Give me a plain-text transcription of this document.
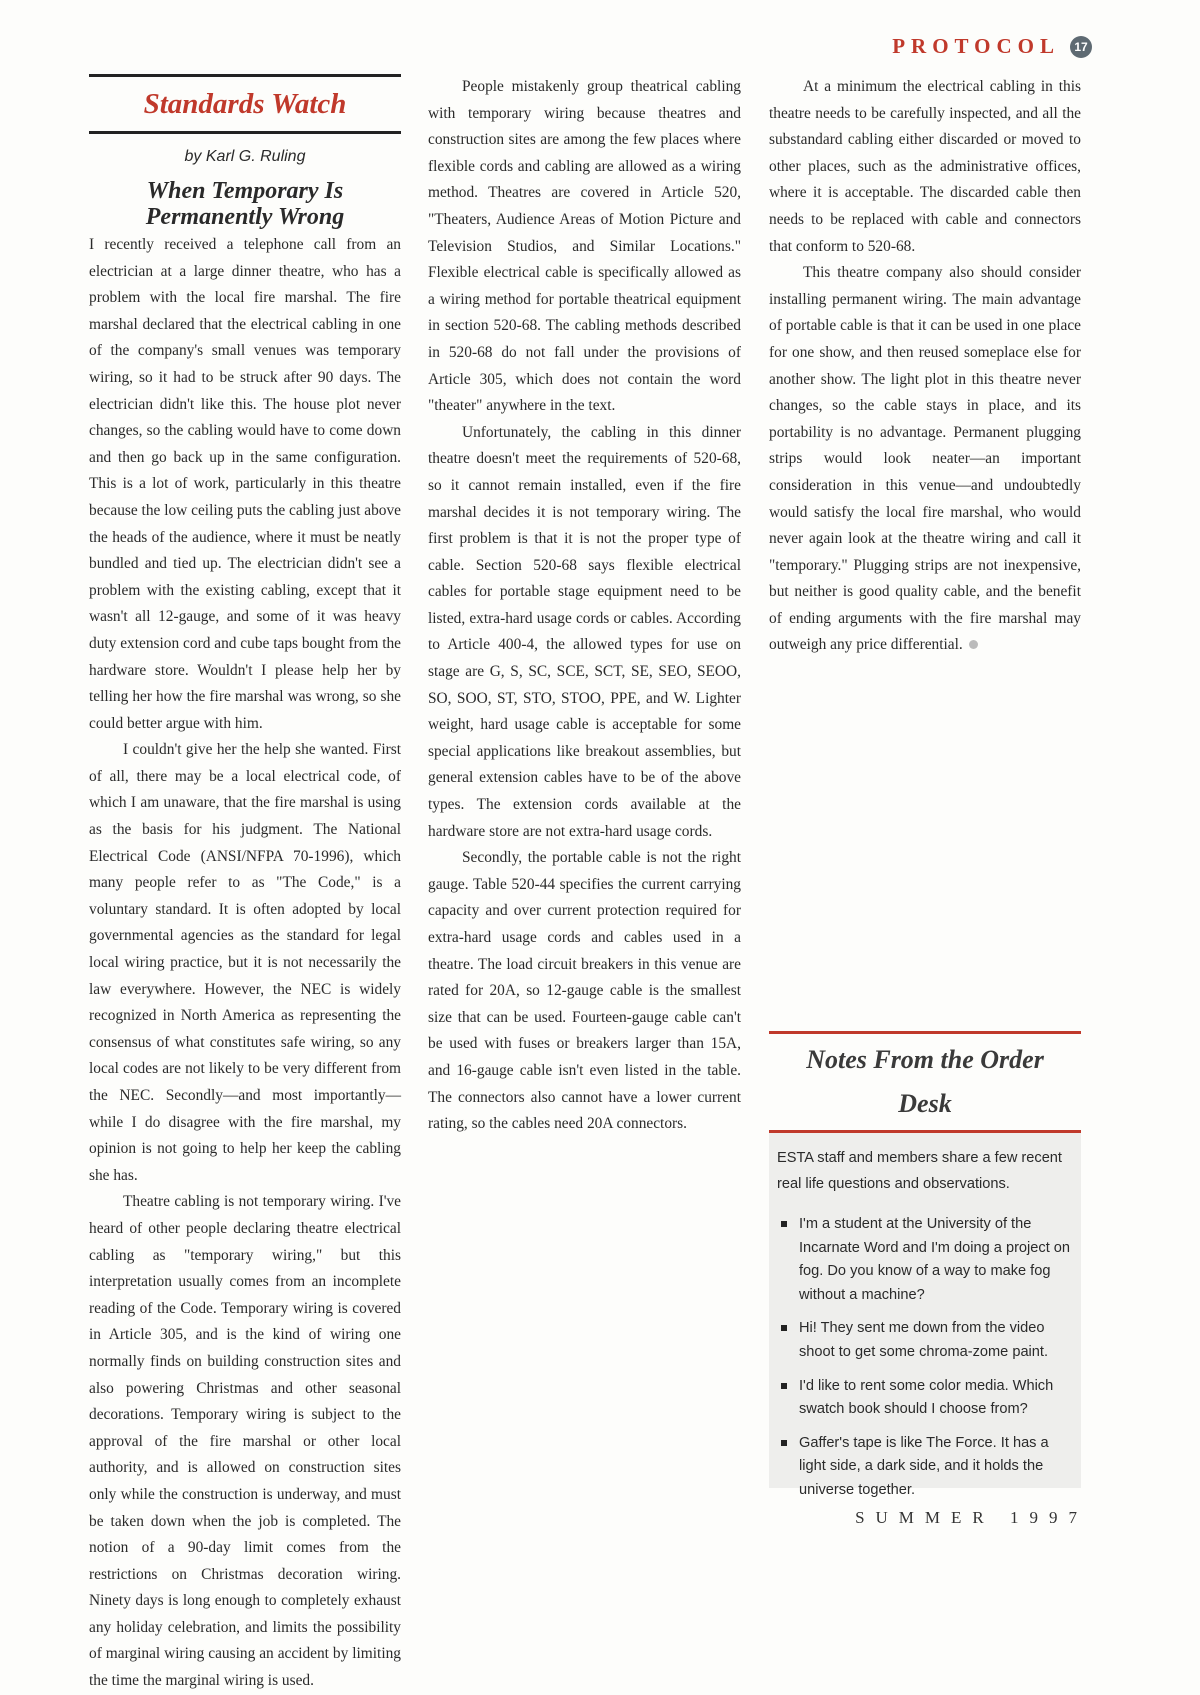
PROTOCOL	17
Standards Watch
by Karl G. Ruling
When Temporary Is Permanently Wrong

I recently received a telephone call from an electrician at a large dinner theatre, who has a problem with the local fire marshal. The fire marshal declared that the electrical cabling in one of the company's small venues was temporary wiring, so it had to be struck after 90 days. The electrician didn't like this. The house plot never changes, so the cabling would have to come down and then go back up in the same configuration. This is a lot of work, particularly in this theatre because the low ceiling puts the cabling just above the heads of the audience, where it must be neatly bundled and tied up. The electrician didn't see a problem with the existing cabling, except that it wasn't all 12-gauge, and some of it was heavy duty extension cord and cube taps bought from the hardware store. Wouldn't I please help her by telling her how the fire marshal was wrong, so she could better argue with him.

I couldn't give her the help she wanted. First of all, there may be a local electrical code, of which I am unaware, that the fire marshal is using as the basis for his judgment. The National Electrical Code (ANSI/NFPA 70-1996), which many people refer to as "The Code," is a voluntary standard. It is often adopted by local governmental agencies as the standard for legal local wiring practice, but it is not necessarily the law everywhere. However, the NEC is widely recognized in North America as representing the consensus of what constitutes safe wiring, so any local codes are not likely to be very different from the NEC. Secondly—and most importantly—while I do disagree with the fire marshal, my opinion is not going to help her keep the cabling she has.

Theatre cabling is not temporary wiring. I've heard of other people declaring theatre electrical cabling as "temporary wiring," but this interpretation usually comes from an incomplete reading of the Code. Temporary wiring is covered in Article 305, and is the kind of wiring one normally finds on building construction sites and also powering Christmas and other seasonal decorations. Temporary wiring is subject to the approval of the fire marshal or other local authority, and is allowed on construction sites only while the construction is underway, and must be taken down when the job is completed. The notion of a 90-day limit comes from the restrictions on Christmas decoration wiring. Ninety days is long enough to completely exhaust any holiday celebration, and limits the possibility of marginal wiring causing an accident by limiting the time the marginal wiring is used.

People mistakenly group theatrical cabling with temporary wiring because theatres and construction sites are among the few places where flexible cords and cabling are allowed as a wiring method. Theatres are covered in Article 520, "Theaters, Audience Areas of Motion Picture and Television Studios, and Similar Locations." Flexible electrical cable is specifically allowed as a wiring method for portable theatrical equipment in section 520-68. The cabling methods described in 520-68 do not fall under the provisions of Article 305, which does not contain the word "theater" anywhere in the text.

Unfortunately, the cabling in this dinner theatre doesn't meet the requirements of 520-68, so it cannot remain installed, even if the fire marshal decides it is not temporary wiring. The first problem is that it is not the proper type of cable. Section 520-68 says flexible electrical cables for portable stage equipment need to be listed, extra-hard usage cords or cables. According to Article 400-4, the allowed types for use on stage are G, S, SC, SCE, SCT, SE, SEO, SEOO, SO, SOO, ST, STO, STOO, PPE, and W. Lighter weight, hard usage cable is acceptable for some special applications like breakout assemblies, but general extension cables have to be of the above types. The extension cords available at the hardware store are not extra-hard usage cords.

Secondly, the portable cable is not the right gauge. Table 520-44 specifies the current carrying capacity and over current protection required for extra-hard usage cords and cables used in a theatre. The load circuit breakers in this venue are rated for 20A, so 12-gauge cable is the smallest size that can be used. Fourteen-gauge cable can't be used with fuses or breakers larger than 15A, and 16-gauge cable isn't even listed in the table. The connectors also cannot have a lower current rating, so the cables need 20A connectors.

At a minimum the electrical cabling in this theatre needs to be carefully inspected, and all the substandard cabling either discarded or moved to other places, such as the administrative offices, where it is acceptable. The discarded cable then needs to be replaced with cable and connectors that conform to 520-68.

This theatre company also should consider installing permanent wiring. The main advantage of portable cable is that it can be used in one place for one show, and then reused someplace else for another show. The light plot in this theatre never changes, so the cable stays in place, and its portability is no advantage. Permanent plugging strips would look neater—an important consideration in this venue—and undoubtedly would satisfy the local fire marshal, who would never again look at the theatre wiring and call it "temporary." Plugging strips are not inexpensive, but neither is good quality cable, and the benefit of ending arguments with the fire marshal may outweigh any price differential.

Notes From the Order Desk

ESTA staff and members share a few recent real life questions and observations.

I'm a student at the University of the Incarnate Word and I'm doing a project on fog. Do you know of a way to make fog without a machine?
Hi! They sent me down from the video shoot to get some chroma-zome paint.
I'd like to rent some color media. Which swatch book should I choose from?
Gaffer's tape is like The Force. It has a light side, a dark side, and it holds the universe together.
SUMMER 1997
